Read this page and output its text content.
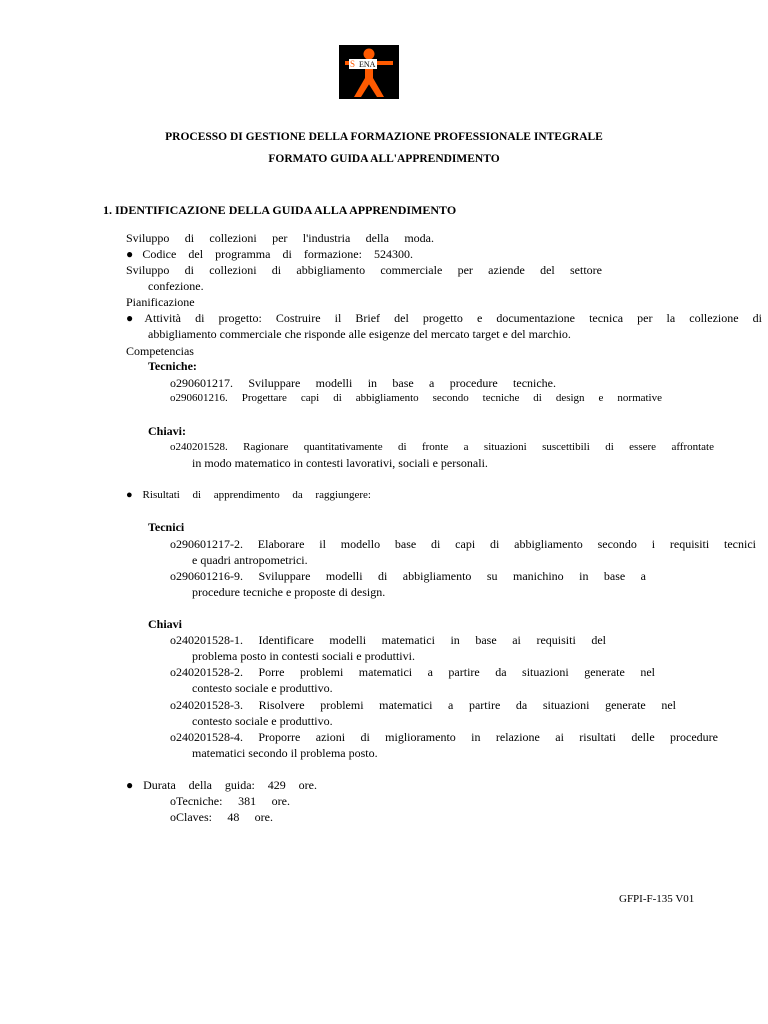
ENA
S
PROCESSO DI GESTIONE DELLA FORMAZIONE PROFESSIONALE INTEGRALE
FORMATO GUIDA ALL'APPRENDIMENTO
1. IDENTIFICAZIONE DELLA GUIDA ALLA APPRENDIMENTO
Sviluppo di collezioni per l'industria della moda.
●Codice del programma di formazione: 524300.
Sviluppo di collezioni di abbigliamento commerciale per aziende del settore
confezione.
Pianificazione
●Attività di progetto: Costruire il Brief del progetto e documentazione tecnica per la collezione di
abbigliamento commerciale che risponde alle esigenze del mercato target e del marchio.
Competencias
Tecniche:
o290601217. Sviluppare modelli in base a procedure tecniche.
o290601216. Progettare capi di abbigliamento secondo tecniche di design e normative
Chiavi:
o240201528. Ragionare quantitativamente di fronte a situazioni suscettibili di essere affrontate
in modo matematico in contesti lavorativi, sociali e personali.
●Risultati di apprendimento da raggiungere:
Tecnici
o290601217-2. Elaborare il modello base di capi di abbigliamento secondo i requisiti tecnici
e quadri antropometrici.
o290601216-9. Sviluppare modelli di abbigliamento su manichino in base a
procedure tecniche e proposte di design.
Chiavi
o240201528-1. Identificare modelli matematici in base ai requisiti del
problema posto in contesti sociali e produttivi.
o240201528-2. Porre problemi matematici a partire da situazioni generate nel
contesto sociale e produttivo.
o240201528-3. Risolvere problemi matematici a partire da situazioni generate nel
contesto sociale e produttivo.
o240201528-4. Proporre azioni di miglioramento in relazione ai risultati delle procedure
matematici secondo il problema posto.
●Durata della guida: 429 ore.
oTecniche: 381 ore.
oClaves: 48 ore.
GFPI-F-135 V01
